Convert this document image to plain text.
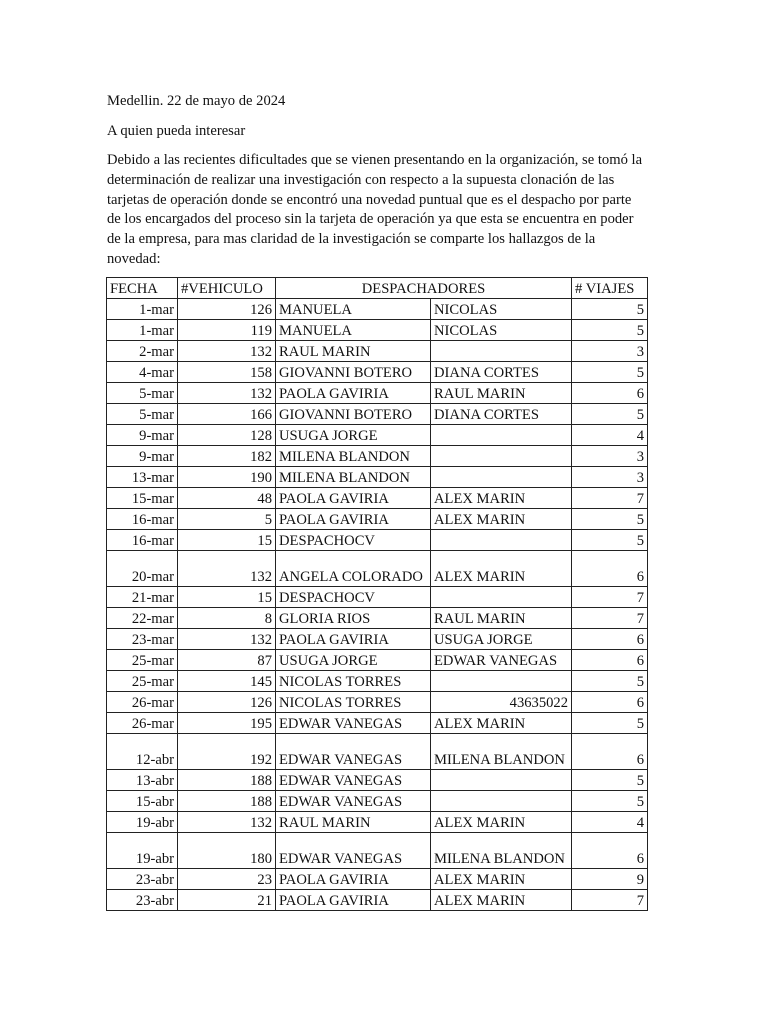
Medellin. 22 de mayo de 2024
A quien pueda interesar
Debido a las recientes dificultades que se vienen presentando en la organización, se tomó la
determinación de realizar una investigación con respecto a la supuesta clonación de las
tarjetas de operación donde se encontró una novedad puntual que es el despacho por parte
de los encargados del proceso sin la tarjeta de operación ya que esta se encuentra en poder
de la empresa, para mas claridad de la investigación se comparte los hallazgos de la
novedad:
FECHA	#VEHICULO	DESPACHADORES		# VIAJES
1-mar	126	MANUELA	NICOLAS	5
1-mar	119	MANUELA	NICOLAS	5
2-mar	132	RAUL MARIN		3
4-mar	158	GIOVANNI BOTERO	DIANA CORTES	5
5-mar	132	PAOLA GAVIRIA	RAUL MARIN	6
5-mar	166	GIOVANNI BOTERO	DIANA CORTES	5
9-mar	128	USUGA JORGE		4
9-mar	182	MILENA BLANDON		3
13-mar	190	MILENA BLANDON		3
15-mar	48	PAOLA GAVIRIA	ALEX MARIN	7
16-mar	5	PAOLA GAVIRIA	ALEX MARIN	5
16-mar	15	DESPACHOCV		5
20-mar	132	ANGELA COLORADO	ALEX MARIN	6
21-mar	15	DESPACHOCV		7
22-mar	8	GLORIA RIOS	RAUL MARIN	7
23-mar	132	PAOLA GAVIRIA	USUGA JORGE	6
25-mar	87	USUGA JORGE	EDWAR VANEGAS	6
25-mar	145	NICOLAS TORRES		5
26-mar	126	NICOLAS TORRES	43635022	6
26-mar	195	EDWAR VANEGAS	ALEX MARIN	5
12-abr	192	EDWAR VANEGAS	MILENA BLANDON	6
13-abr	188	EDWAR VANEGAS		5
15-abr	188	EDWAR VANEGAS		5
19-abr	132	RAUL MARIN	ALEX MARIN	4
19-abr	180	EDWAR VANEGAS	MILENA BLANDON	6
23-abr	23	PAOLA GAVIRIA	ALEX MARIN	9
23-abr	21	PAOLA GAVIRIA	ALEX MARIN	7
